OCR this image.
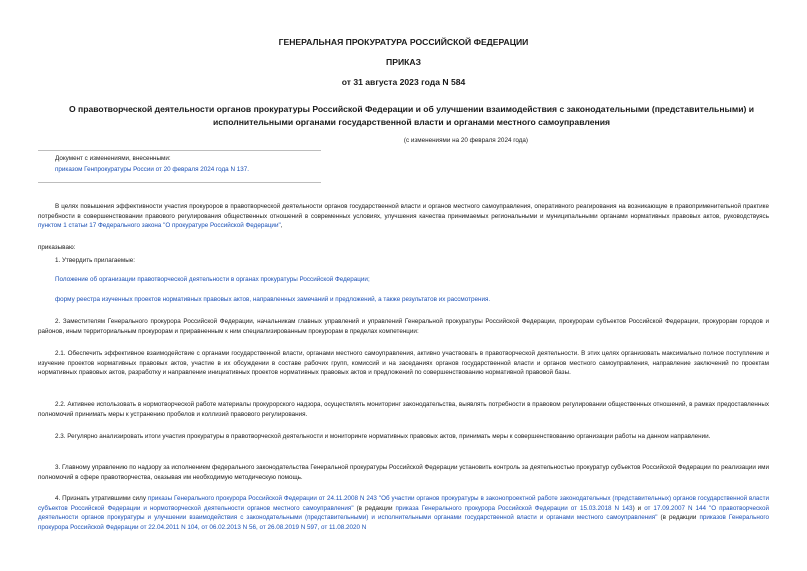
ГЕНЕРАЛЬНАЯ ПРОКУРАТУРА РОССИЙСКОЙ ФЕДЕРАЦИИ
ПРИКАЗ
от 31 августа 2023 года N 584
О правотворческой деятельности органов прокуратуры Российской Федерации и об улучшении взаимодействия с законодательными (представительными) и исполнительными органами государственной власти и органами местного самоуправления
(с изменениями на 20 февраля 2024 года)
Документ с изменениями, внесенными:
приказом Генпрокуратуры России от 20 февраля 2024 года N 137.
В целях повышения эффективности участия прокуроров в правотворческой деятельности органов государственной власти и органов местного самоуправления, оперативного реагирования на возникающие в правоприменительной практике потребности в совершенствовании правового регулирования общественных отношений в современных условиях, улучшения качества принимаемых региональными и муниципальными органами нормативных правовых актов, руководствуясь пунктом 1 статьи 17 Федерального закона "О прокуратуре Российской Федерации",
приказываю:
1. Утвердить прилагаемые:
Положение об организации правотворческой деятельности в органах прокуратуры Российской Федерации;
форму реестра изученных проектов нормативных правовых актов, направленных замечаний и предложений, а также результатов их рассмотрения.
2. Заместителям Генерального прокурора Российской Федерации, начальникам главных управлений и управлений Генеральной прокуратуры Российской Федерации, прокурорам субъектов Российской Федерации, прокурорам городов и районов, иным территориальным прокурорам и приравненным к ним специализированным прокурорам в пределах компетенции:
2.1. Обеспечить эффективное взаимодействие с органами государственной власти, органами местного самоуправления, активно участвовать в правотворческой деятельности. В этих целях организовать максимально полное поступление и изучение проектов нормативных правовых актов, участие в их обсуждении в составе рабочих групп, комиссий и на заседаниях органов государственной власти и органов местного самоуправления, направление заключений по проектам нормативных правовых актов, разработку и направление инициативных проектов нормативных правовых актов и предложений по совершенствованию нормативной правовой базы.
2.2. Активнее использовать в нормотворческой работе материалы прокурорского надзора, осуществлять мониторинг законодательства, выявлять потребности в правовом регулировании общественных отношений, в рамках предоставленных полномочий принимать меры к устранению пробелов и коллизий правового регулирования.
2.3. Регулярно анализировать итоги участия прокуратуры в правотворческой деятельности и мониторинге нормативных правовых актов, принимать меры к совершенствованию организации работы на данном направлении.
3. Главному управлению по надзору за исполнением федерального законодательства Генеральной прокуратуры Российской Федерации установить контроль за деятельностью прокуратур субъектов Российской Федерации по реализации ими полномочий в сфере правотворчества, оказывая им необходимую методическую помощь.
4. Признать утратившими силу приказы Генерального прокурора Российской Федерации от 24.11.2008 N 243 "Об участии органов прокуратуры в законопроектной работе законодательных (представительных) органов государственной власти субъектов Российской Федерации и нормотворческой деятельности органов местного самоуправления" (в редакции приказа Генерального прокурора Российской Федерации от 15.03.2018 N 143) и от 17.09.2007 N 144 "О правотворческой деятельности органов прокуратуры и улучшении взаимодействия с законодательными (представительными) и исполнительными органами государственной власти и органами местного самоуправления" (в редакции приказов Генерального прокурора Российской Федерации от 22.04.2011 N 104, от 06.02.2013 N 56, от 26.08.2019 N 597, от 11.08.2020 N
